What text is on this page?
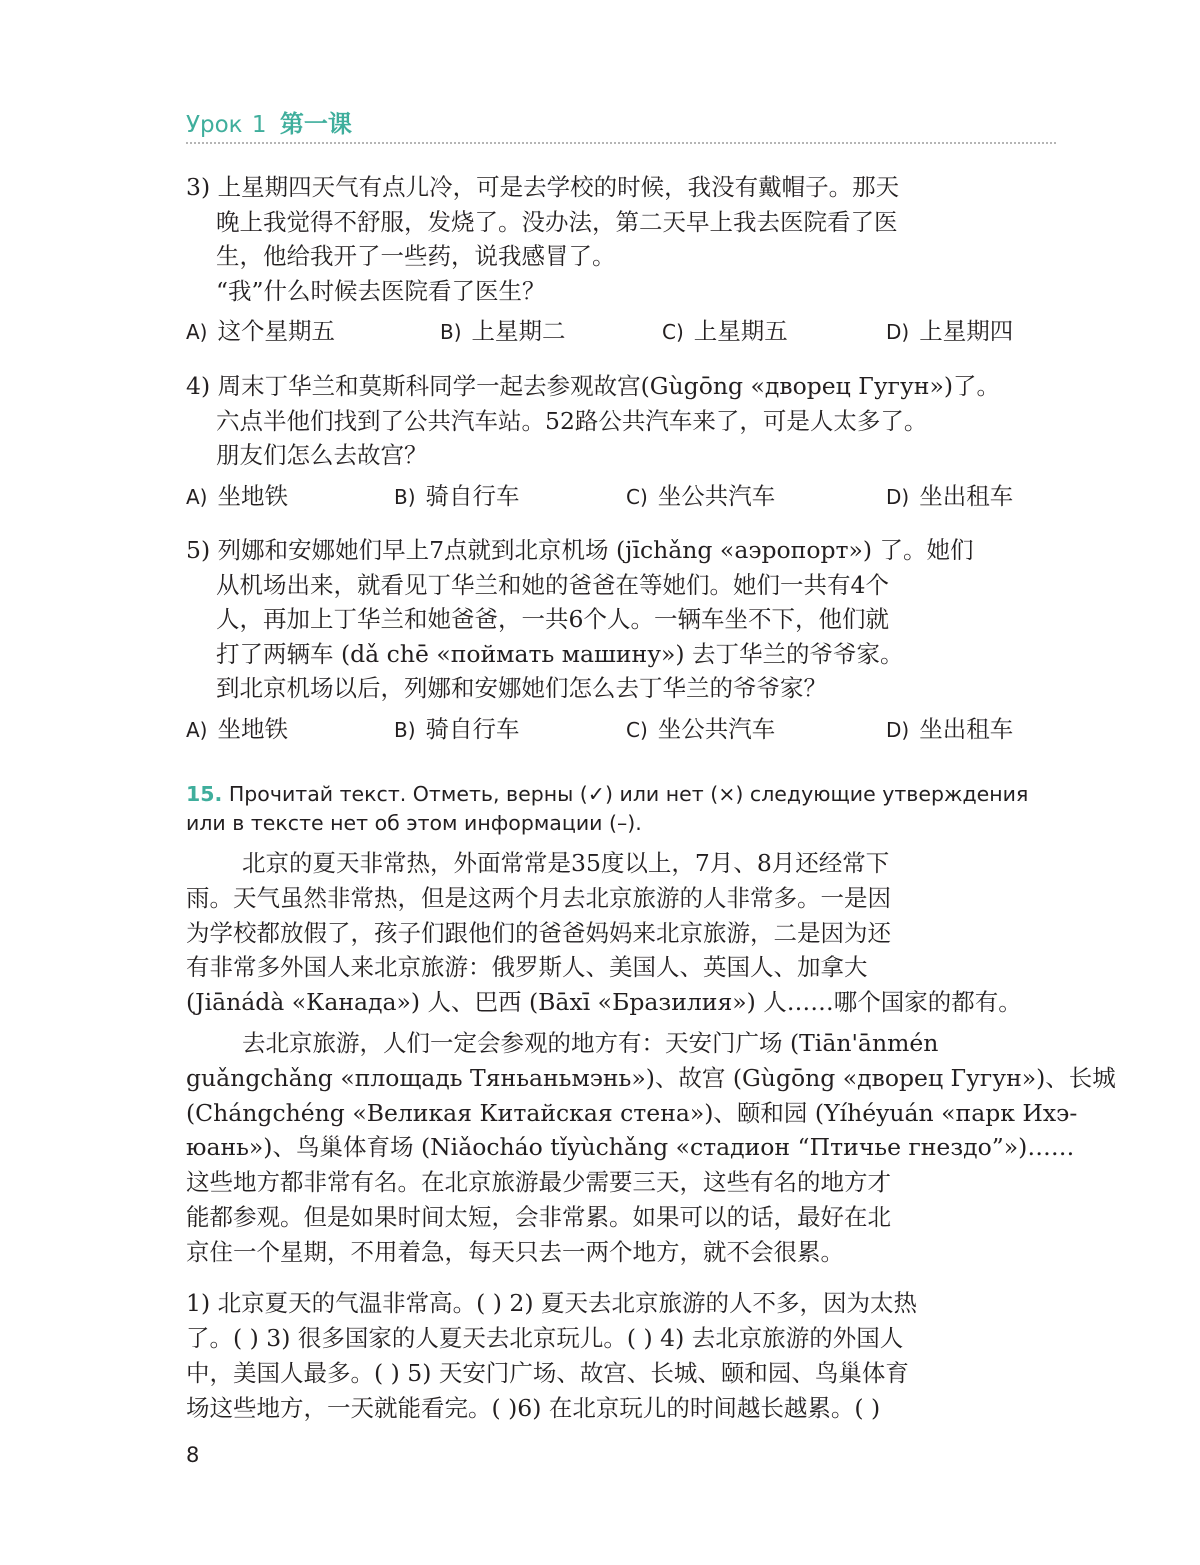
Урок 1 第一课
3) 上星期四天气有点儿冷，可是去学校的时候，我没有戴帽子。那天
晚上我觉得不舒服，发烧了。没办法，第二天早上我去医院看了医
生，他给我开了一些药，说我感冒了。
“我”什么时候去医院看了医生？
A) 这个星期五	B) 上星期二	C) 上星期五	D) 上星期四
4) 周末丁华兰和莫斯科同学一起去参观故宫(Gùgōng «дворец Гугун»)了。
六点半他们找到了公共汽车站。52路公共汽车来了，可是人太多了。
朋友们怎么去故宫？
A) 坐地铁	B) 骑自行车	C) 坐公共汽车	D) 坐出租车
5) 列娜和安娜她们早上7点就到北京机场 (jīchǎng «аэропорт») 了。她们
从机场出来，就看见丁华兰和她的爸爸在等她们。她们一共有4个
人，再加上丁华兰和她爸爸，一共6个人。一辆车坐不下，他们就
打了两辆车 (dǎ chē «поймать машину») 去丁华兰的爷爷家。
到北京机场以后，列娜和安娜她们怎么去丁华兰的爷爷家？
A) 坐地铁	B) 骑自行车	C) 坐公共汽车	D) 坐出租车
15. Прочитай текст. Отметь, верны (✓) или нет (×) следующие утверждения
или в тексте нет об этом информации (–).
北京的夏天非常热，外面常常是35度以上，7月、8月还经常下
雨。天气虽然非常热，但是这两个月去北京旅游的人非常多。一是因
为学校都放假了，孩子们跟他们的爸爸妈妈来北京旅游，二是因为还
有非常多外国人来北京旅游：俄罗斯人、美国人、英国人、加拿大
(Jiānádà «Канада») 人、巴西 (Bāxī «Бразилия») 人……哪个国家的都有。
去北京旅游，人们一定会参观的地方有：天安门广场 (Tiān'ānmén
guǎngchǎng «площадь Тяньаньмэнь»)、故宫 (Gùgōng «дворец Гугун»)、长城
(Chángchéng «Великая Китайская стена»)、颐和园 (Yíhéyuán «парк Ихэ-
юань»)、鸟巢体育场 (Niǎocháo tǐyùchǎng «стадион “Птичье гнездо”»)……
这些地方都非常有名。在北京旅游最少需要三天，这些有名的地方才
能都参观。但是如果时间太短，会非常累。如果可以的话，最好在北
京住一个星期，不用着急，每天只去一两个地方，就不会很累。
1) 北京夏天的气温非常高。( ) 2) 夏天去北京旅游的人不多，因为太热
了。( ) 3) 很多国家的人夏天去北京玩儿。( ) 4) 去北京旅游的外国人
中，美国人最多。( ) 5) 天安门广场、故宫、长城、颐和园、鸟巢体育
场这些地方，一天就能看完。( )6) 在北京玩儿的时间越长越累。( )
8
